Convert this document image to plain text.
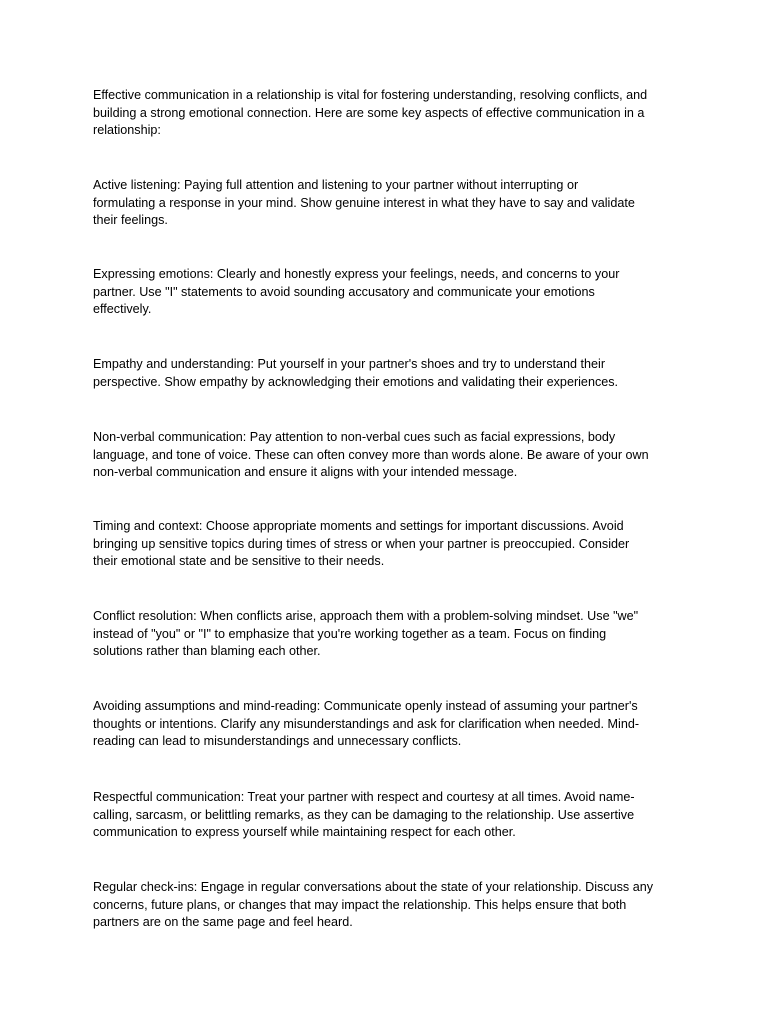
Effective communication in a relationship is vital for fostering understanding, resolving conflicts, and
building a strong emotional connection. Here are some key aspects of effective communication in a
relationship:

Active listening: Paying full attention and listening to your partner without interrupting or
formulating a response in your mind. Show genuine interest in what they have to say and validate
their feelings.

Expressing emotions: Clearly and honestly express your feelings, needs, and concerns to your
partner. Use "I" statements to avoid sounding accusatory and communicate your emotions
effectively.

Empathy and understanding: Put yourself in your partner's shoes and try to understand their
perspective. Show empathy by acknowledging their emotions and validating their experiences.

Non-verbal communication: Pay attention to non-verbal cues such as facial expressions, body
language, and tone of voice. These can often convey more than words alone. Be aware of your own
non-verbal communication and ensure it aligns with your intended message.

Timing and context: Choose appropriate moments and settings for important discussions. Avoid
bringing up sensitive topics during times of stress or when your partner is preoccupied. Consider
their emotional state and be sensitive to their needs.

Conflict resolution: When conflicts arise, approach them with a problem-solving mindset. Use "we"
instead of "you" or "I" to emphasize that you're working together as a team. Focus on finding
solutions rather than blaming each other.

Avoiding assumptions and mind-reading: Communicate openly instead of assuming your partner's
thoughts or intentions. Clarify any misunderstandings and ask for clarification when needed. Mind-
reading can lead to misunderstandings and unnecessary conflicts.

Respectful communication: Treat your partner with respect and courtesy at all times. Avoid name-
calling, sarcasm, or belittling remarks, as they can be damaging to the relationship. Use assertive
communication to express yourself while maintaining respect for each other.

Regular check-ins: Engage in regular conversations about the state of your relationship. Discuss any
concerns, future plans, or changes that may impact the relationship. This helps ensure that both
partners are on the same page and feel heard.
